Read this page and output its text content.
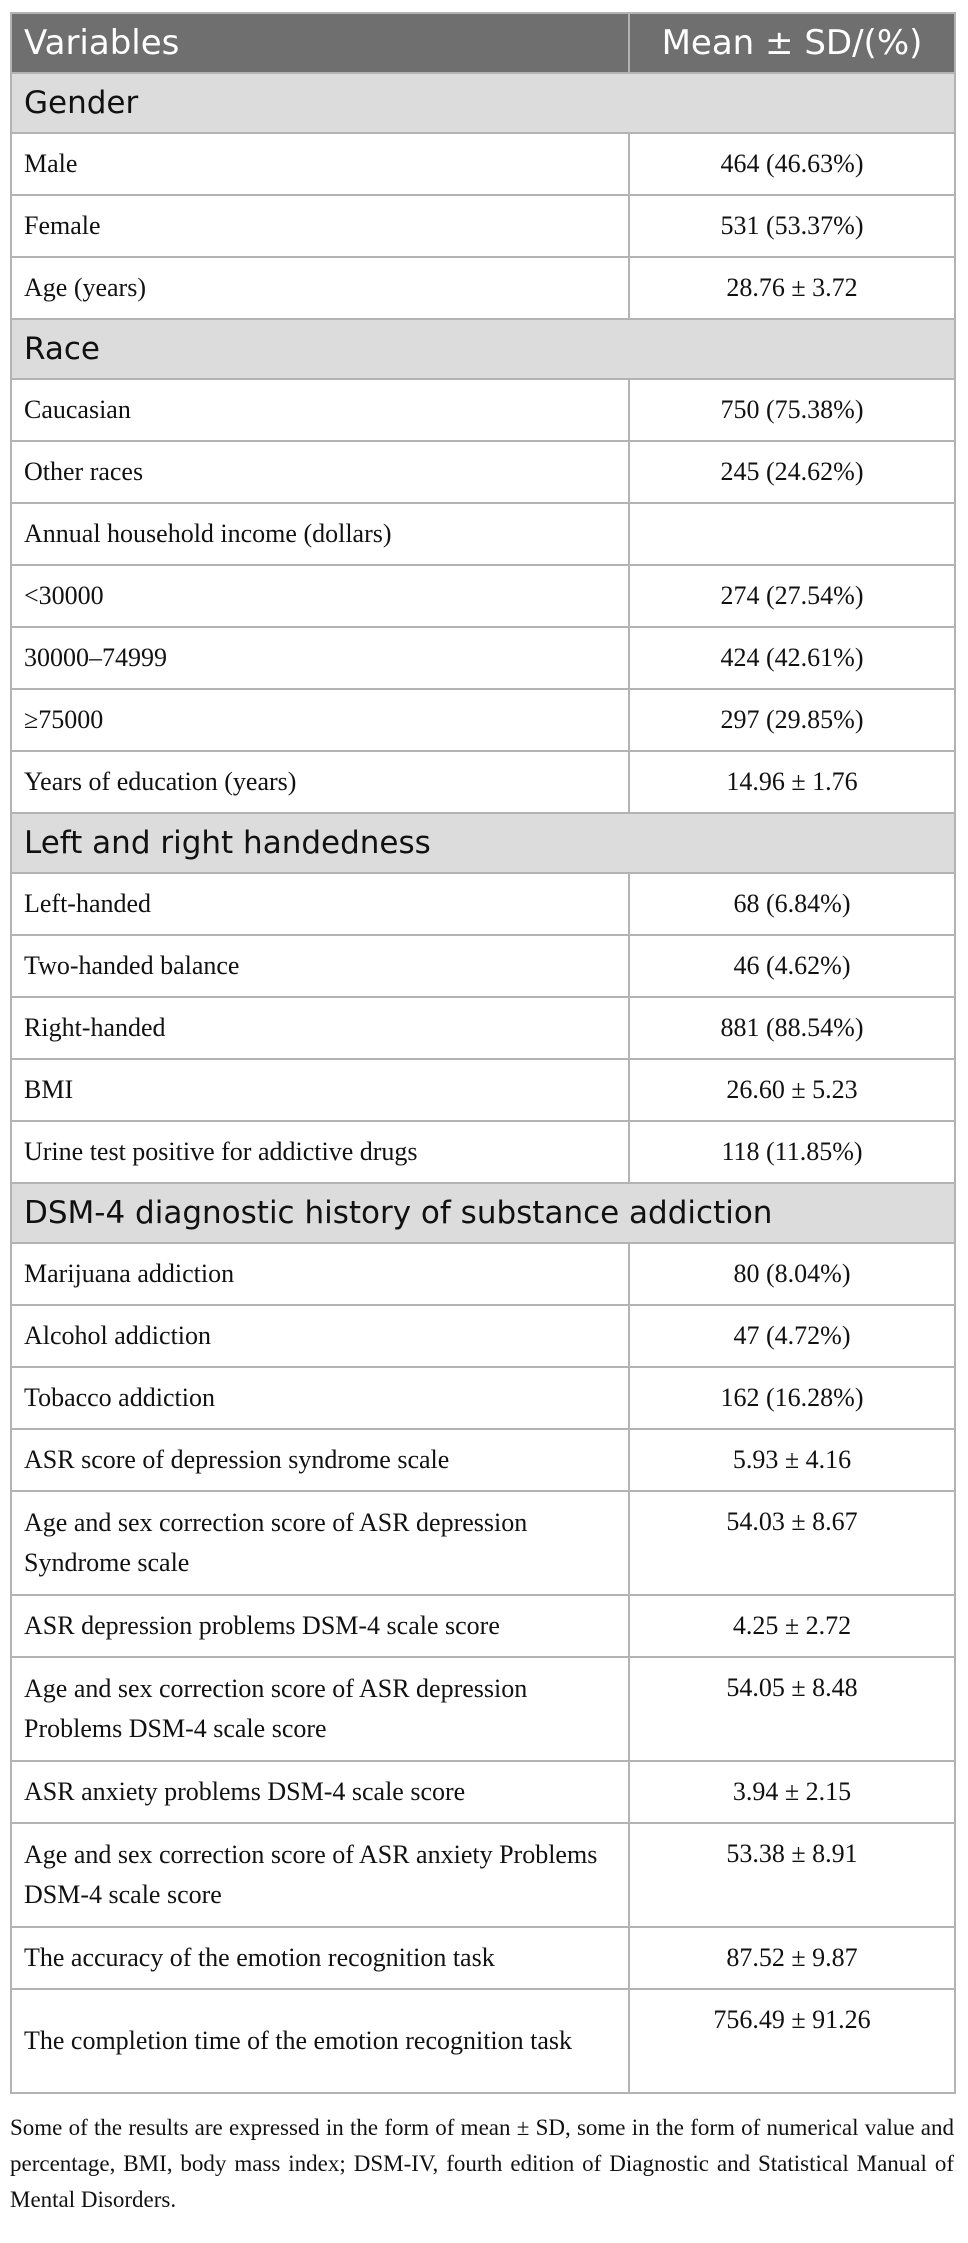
Variables	Mean ± SD/(%)
Gender	
Male	464 (46.63%)
Female	531 (53.37%)
Age (years)	28.76 ± 3.72
Race	
Caucasian	750 (75.38%)
Other races	245 (24.62%)
Annual household income (dollars)	
<30000	274 (27.54%)
30000–74999	424 (42.61%)
≥75000	297 (29.85%)
Years of education (years)	14.96 ± 1.76
Left and right handedness	
Left-handed	68 (6.84%)
Two-handed balance	46 (4.62%)
Right-handed	881 (88.54%)
BMI	26.60 ± 5.23
Urine test positive for addictive drugs	118 (11.85%)
DSM-4 diagnostic history of substance addiction	
Marijuana addiction	80 (8.04%)
Alcohol addiction	47 (4.72%)
Tobacco addiction	162 (16.28%)
ASR score of depression syndrome scale	5.93 ± 4.16
Age and sex correction score of ASR depression Syndrome scale	54.03 ± 8.67
ASR depression problems DSM-4 scale score	4.25 ± 2.72
Age and sex correction score of ASR depression Problems DSM-4 scale score	54.05 ± 8.48
ASR anxiety problems DSM-4 scale score	3.94 ± 2.15
Age and sex correction score of ASR anxiety Problems DSM-4 scale score	53.38 ± 8.91
The accuracy of the emotion recognition task	87.52 ± 9.87
The completion time of the emotion recognition task	756.49 ± 91.26
Some of the results are expressed in the form of mean ± SD, some in the form of numerical value and percentage, BMI, body mass index; DSM-IV, fourth edition of Diagnostic and Statistical Manual of Mental Disorders.
